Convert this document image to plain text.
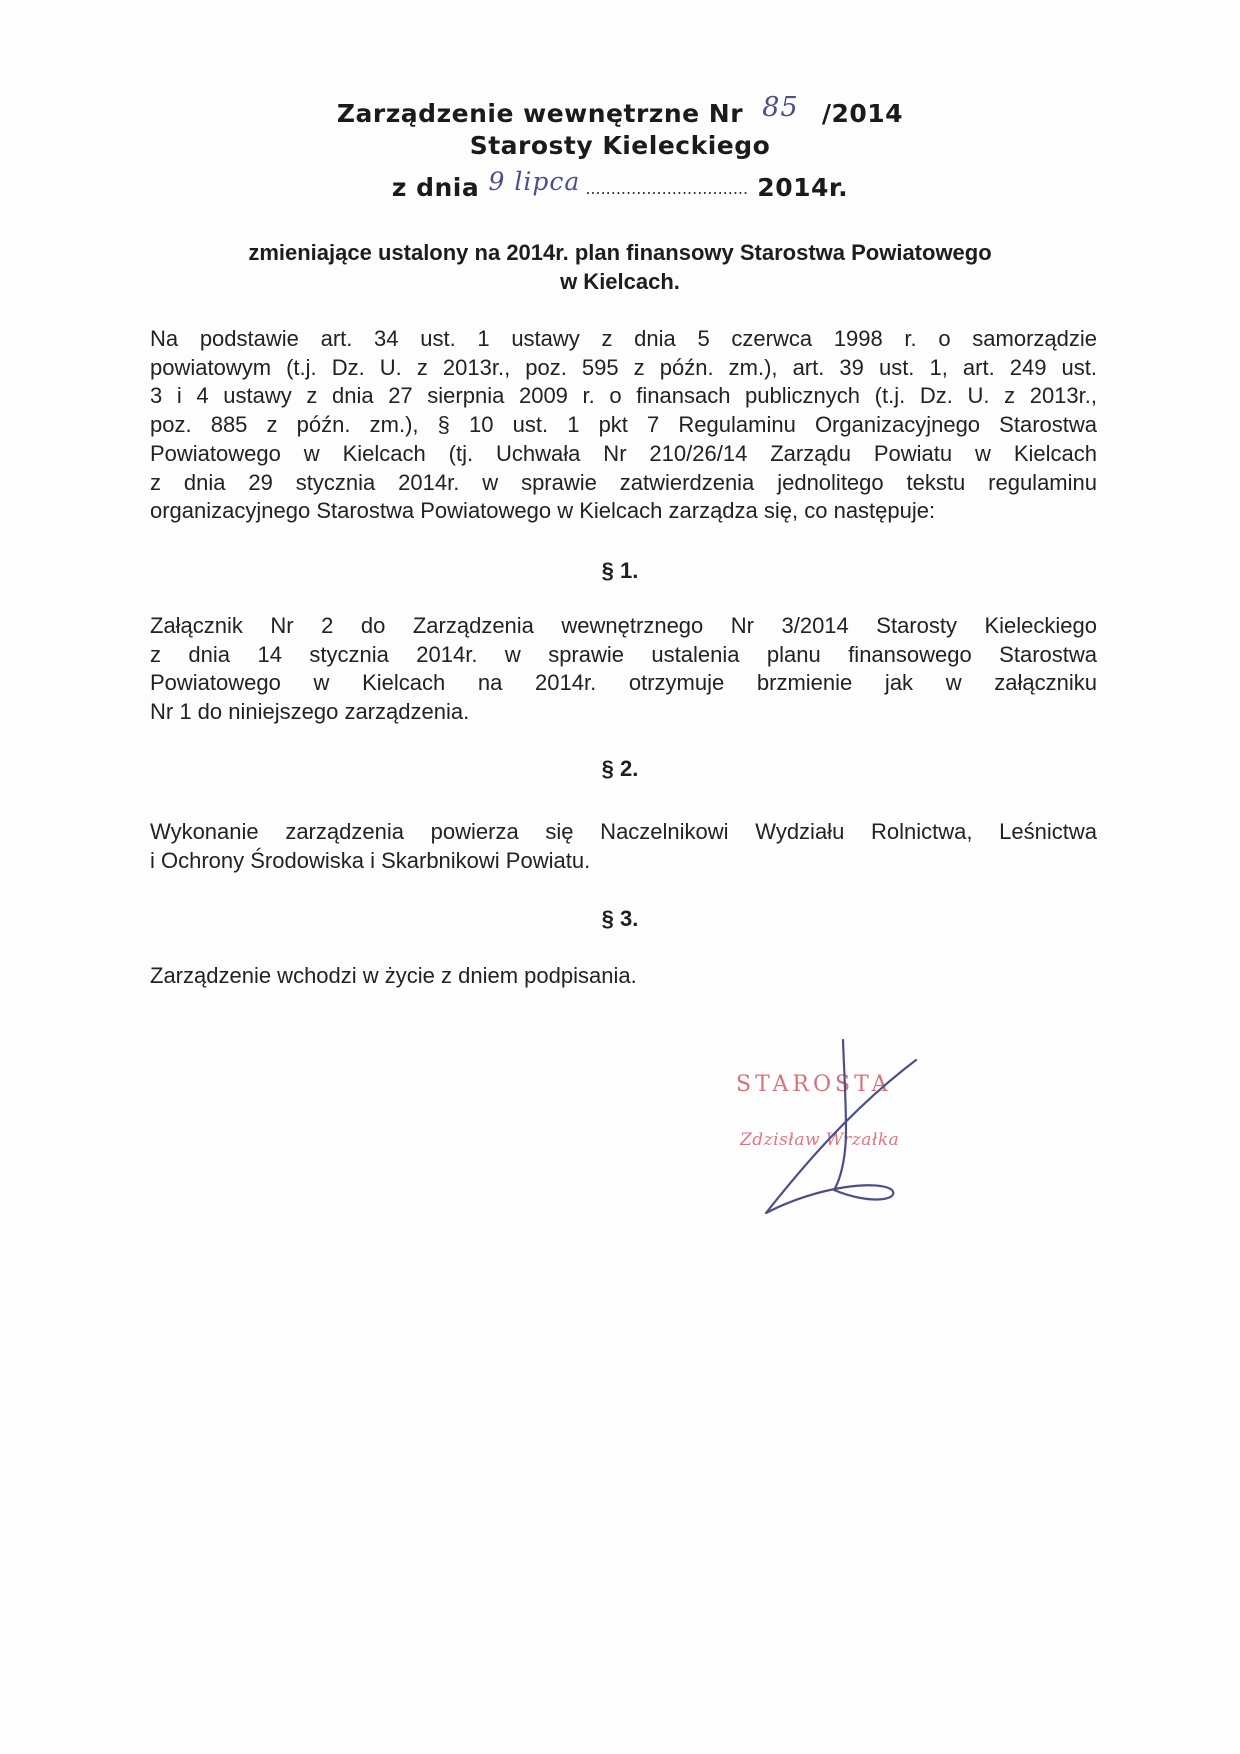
Zarządzenie wewnętrzne Nr 85 /2014
Starosty Kieleckiego
z dnia 9 lipca ................................ 2014r.
zmieniające ustalony na 2014r. plan finansowy Starostwa Powiatowego
w Kielcach.
Na podstawie art. 34 ust. 1 ustawy z dnia 5 czerwca 1998 r. o samorządzie
powiatowym (t.j. Dz. U. z 2013r., poz. 595 z późn. zm.), art. 39 ust. 1, art. 249 ust.
3 i 4 ustawy z dnia 27 sierpnia 2009 r. o finansach publicznych (t.j. Dz. U. z 2013r.,
poz. 885 z późn. zm.), § 10 ust. 1 pkt 7 Regulaminu Organizacyjnego Starostwa
Powiatowego w Kielcach (tj. Uchwała Nr 210/26/14 Zarządu Powiatu w Kielcach
z dnia 29 stycznia 2014r. w sprawie zatwierdzenia jednolitego tekstu regulaminu
organizacyjnego Starostwa Powiatowego w Kielcach zarządza się, co następuje:
§ 1.
Załącznik Nr 2 do Zarządzenia wewnętrznego Nr 3/2014 Starosty Kieleckiego
z dnia 14 stycznia 2014r. w sprawie ustalenia planu finansowego Starostwa
Powiatowego w Kielcach na 2014r. otrzymuje brzmienie jak w załączniku
Nr 1 do niniejszego zarządzenia.
§ 2.
Wykonanie zarządzenia powierza się Naczelnikowi Wydziału Rolnictwa, Leśnictwa
i Ochrony Środowiska i Skarbnikowi Powiatu.
§ 3.
Zarządzenie wchodzi w życie z dniem podpisania.
STAROSTA
Zdzisław Wrzałka
